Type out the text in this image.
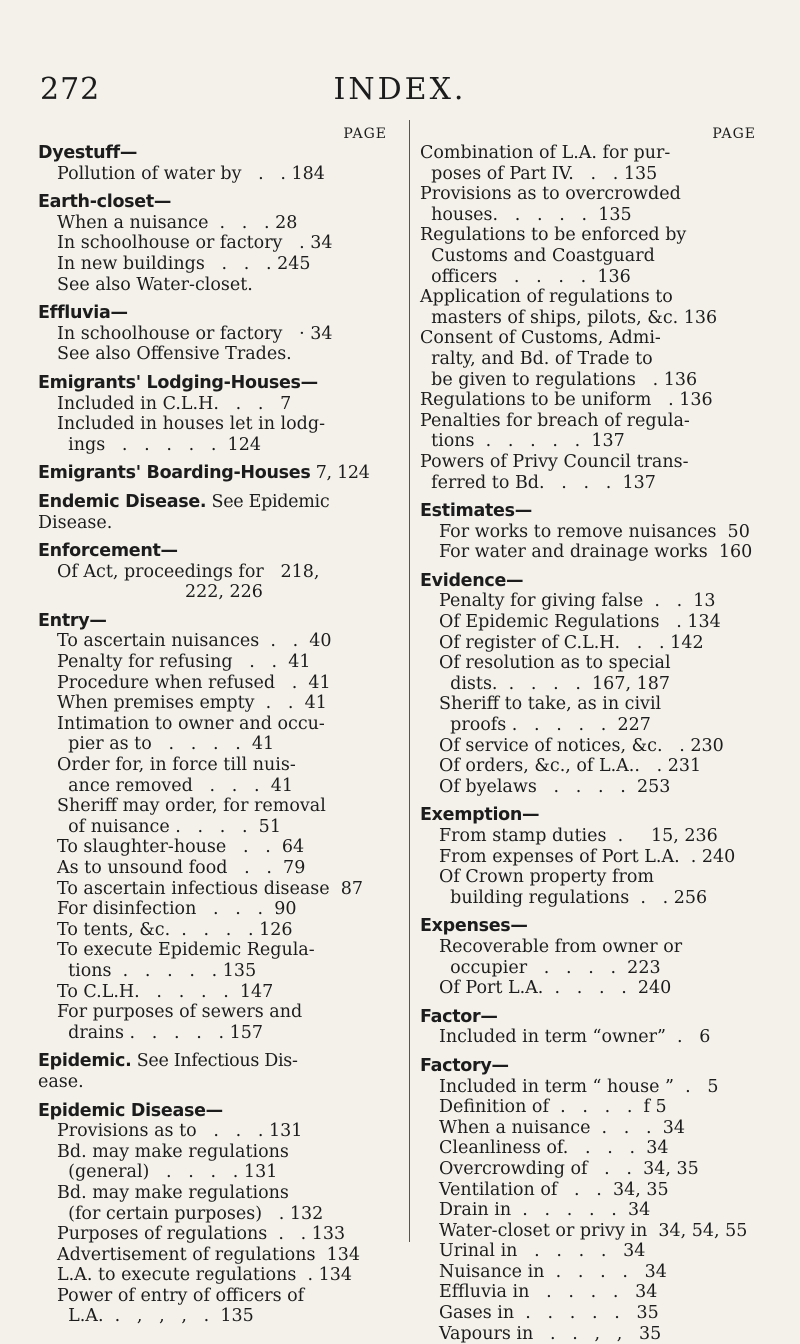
272	INDEX.
PAGE
Dyestuff—
Pollution of water by   .   . 184
Earth-closet—
When a nuisance  .   .   . 28
In schoolhouse or factory   . 34
In new buildings   .   .   . 245
See also Water-closet.
Effluvia—
In schoolhouse or factory   · 34
See also Offensive Trades.
Emigrants' Lodging-Houses—
Included in C.L.H.   .   .   7
Included in houses let in lodg-
ings   .   .   .   .   .  124
Emigrants' Boarding-Houses 7, 124
Endemic Disease. See Epidemic
Disease.
Enforcement—
Of Act, proceedings for   218,
222, 226
Entry—
To ascertain nuisances  .   .  40
Penalty for refusing   .   .  41
Procedure when refused   .  41
When premises empty  .   .  41
Intimation to owner and occu-
pier as to   .   .   .   .  41
Order for, in force till nuis-
ance removed   .   .   .  41
Sheriff may order, for removal
of nuisance .   .   .   .  51
To slaughter-house   .   .  64
As to unsound food   .   .  79
To ascertain infectious disease  87
For disinfection   .   .   .  90
To tents, &c.  .   .   .   . 126
To execute Epidemic Regula-
tions  .   .   .   .   . 135
To C.L.H.   .   .   .   .  147
For purposes of sewers and
drains .   .   .   .   . 157
Epidemic. See Infectious Dis-
ease.
Epidemic Disease—
Provisions as to   .   .   . 131
Bd. may make regulations
(general)   .   .   .   . 131
Bd. may make regulations
(for certain purposes)   . 132
Purposes of regulations  .   . 133
Advertisement of regulations  134
L.A. to execute regulations  . 134
Power of entry of officers of
L.A.  .   ,   ,   ,   .  135
PAGE
Combination of L.A. for pur-
poses of Part IV.   .   . 135
Provisions as to overcrowded
houses.   .   .   .   .  135
Regulations to be enforced by
Customs and Coastguard
officers   .   .   .   .  136
Application of regulations to
masters of ships, pilots, &c. 136
Consent of Customs, Admi-
ralty, and Bd. of Trade to
be given to regulations   . 136
Regulations to be uniform   . 136
Penalties for breach of regula-
tions  .   .   .   .   .  137
Powers of Privy Council trans-
ferred to Bd.   .   .   .  137
Estimates—
For works to remove nuisances  50
For water and drainage works  160
Evidence—
Penalty for giving false  .   .  13
Of Epidemic Regulations   . 134
Of register of C.L.H.   .   . 142
Of resolution as to special
dists.  .   .   .   .  167, 187
Sheriff to take, as in civil
proofs .   .   .   .   .  227
Of service of notices, &c.   . 230
Of orders, &c., of L.A..   . 231
Of byelaws   .   .   .   .  253
Exemption—
From stamp duties  .     15, 236
From expenses of Port L.A.  . 240
Of Crown property from
building regulations  .   . 256
Expenses—
Recoverable from owner or
occupier   .   .   .   .  223
Of Port L.A.  .   .   .   .  240
Factor—
Included in term “owner”  .   6
Factory—
Included in term “ house ”  .   5
Definition of  .   .   .   .  f 5
When a nuisance  .   .   .  34
Cleanliness of.   .   .   .  34
Overcrowding of   .   .  34, 35
Ventilation of   .   .  34, 35
Drain in  .   .   .   .   .  34
Water-closet or privy in  34, 54, 55
Urinal in   .   .   .   .   34
Nuisance in  .   .   .   .   34
Effluvia in   .   .   .   .   34
Gases in  .   .   .   .   .   35
Vapours in   .   .   ,   ,   35
